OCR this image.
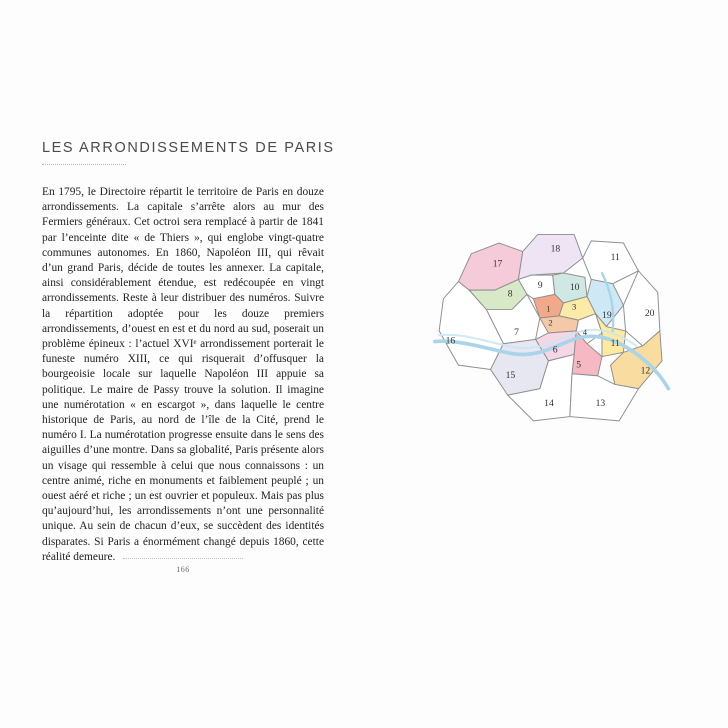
LES ARRONDISSEMENTS DE PARIS

En 1795, le Directoire répartit le territoire de Paris en douze arrondissements. La capitale s’arrête alors au mur des Fermiers généraux. Cet octroi sera remplacé à partir de 1841 par l’enceinte dite « de Thiers », qui englobe vingt-quatre communes autonomes. En 1860, Napoléon III, qui rêvait d’un grand Paris, décide de toutes les annexer. La capitale, ainsi considérablement étendue, est redécoupée en vingt arrondissements. Reste à leur distribuer des numéros. Suivre la répartition adoptée pour les douze premiers arrondissements, d’ouest en est et du nord au sud, poserait un problème épineux : l’actuel XVIᵉ arrondissement porterait le funeste numéro XIII, ce qui risquerait d’offusquer la bourgeoisie locale sur laquelle Napoléon III appuie sa politique. Le maire de Passy trouve la solution. Il imagine une numérotation « en escargot », dans laquelle le centre historique de Paris, au nord de l’île de la Cité, prend le numéro I. La numérotation progresse ensuite dans le sens des aiguilles d’une montre. Dans sa globalité, Paris présente alors un visage qui ressemble à celui que nous connaissons : un centre animé, riche en monuments et faiblement peuplé ; un ouest aéré et riche ; un est ouvrier et populeux. Mais pas plus qu’aujourd’hui, les arrondissements n’ont une personnalité unique. Au sein de chacun d’eux, se succèdent des identités disparates. Si Paris a énormément changé depuis 1860, cette réalité demeure.

166
17
18
11
8
9	10
19	20
1
2
3
4
11
12
7
6
5
16
15
14	13
